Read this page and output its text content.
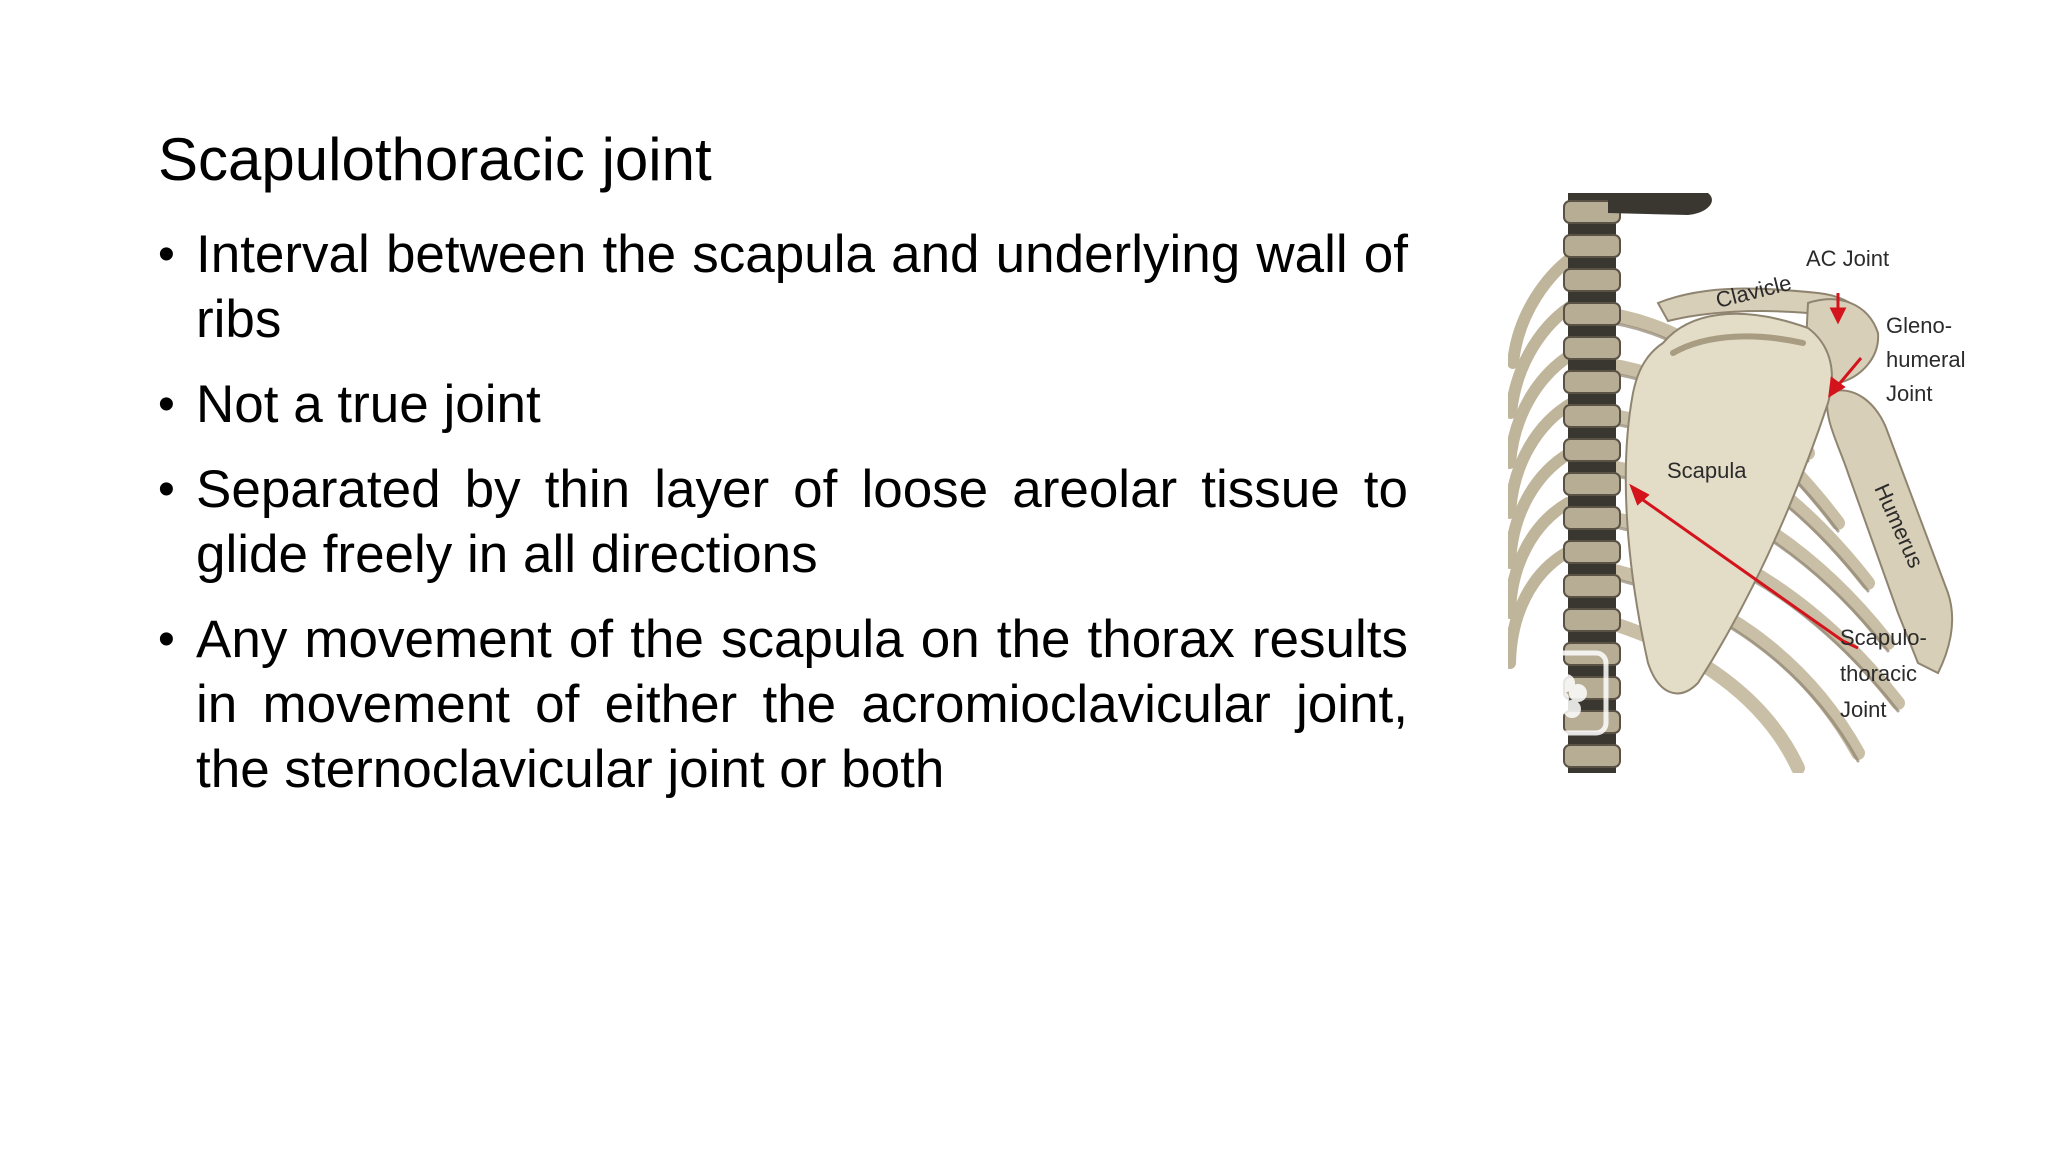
Scapulothoracic joint
• Interval between the scapula and underlying wall of ribs
• Not a true joint
• Separated by thin layer of loose areolar tissue to glide freely in all directions
• Any movement of the scapula on the thorax results in movement of either the acromioclavicular joint, the sternoclavicular joint or both
AC Joint
Clavicle
Gleno-
humeral
Joint
Scapula
Humerus
Scapulo-
thoracic
Joint
